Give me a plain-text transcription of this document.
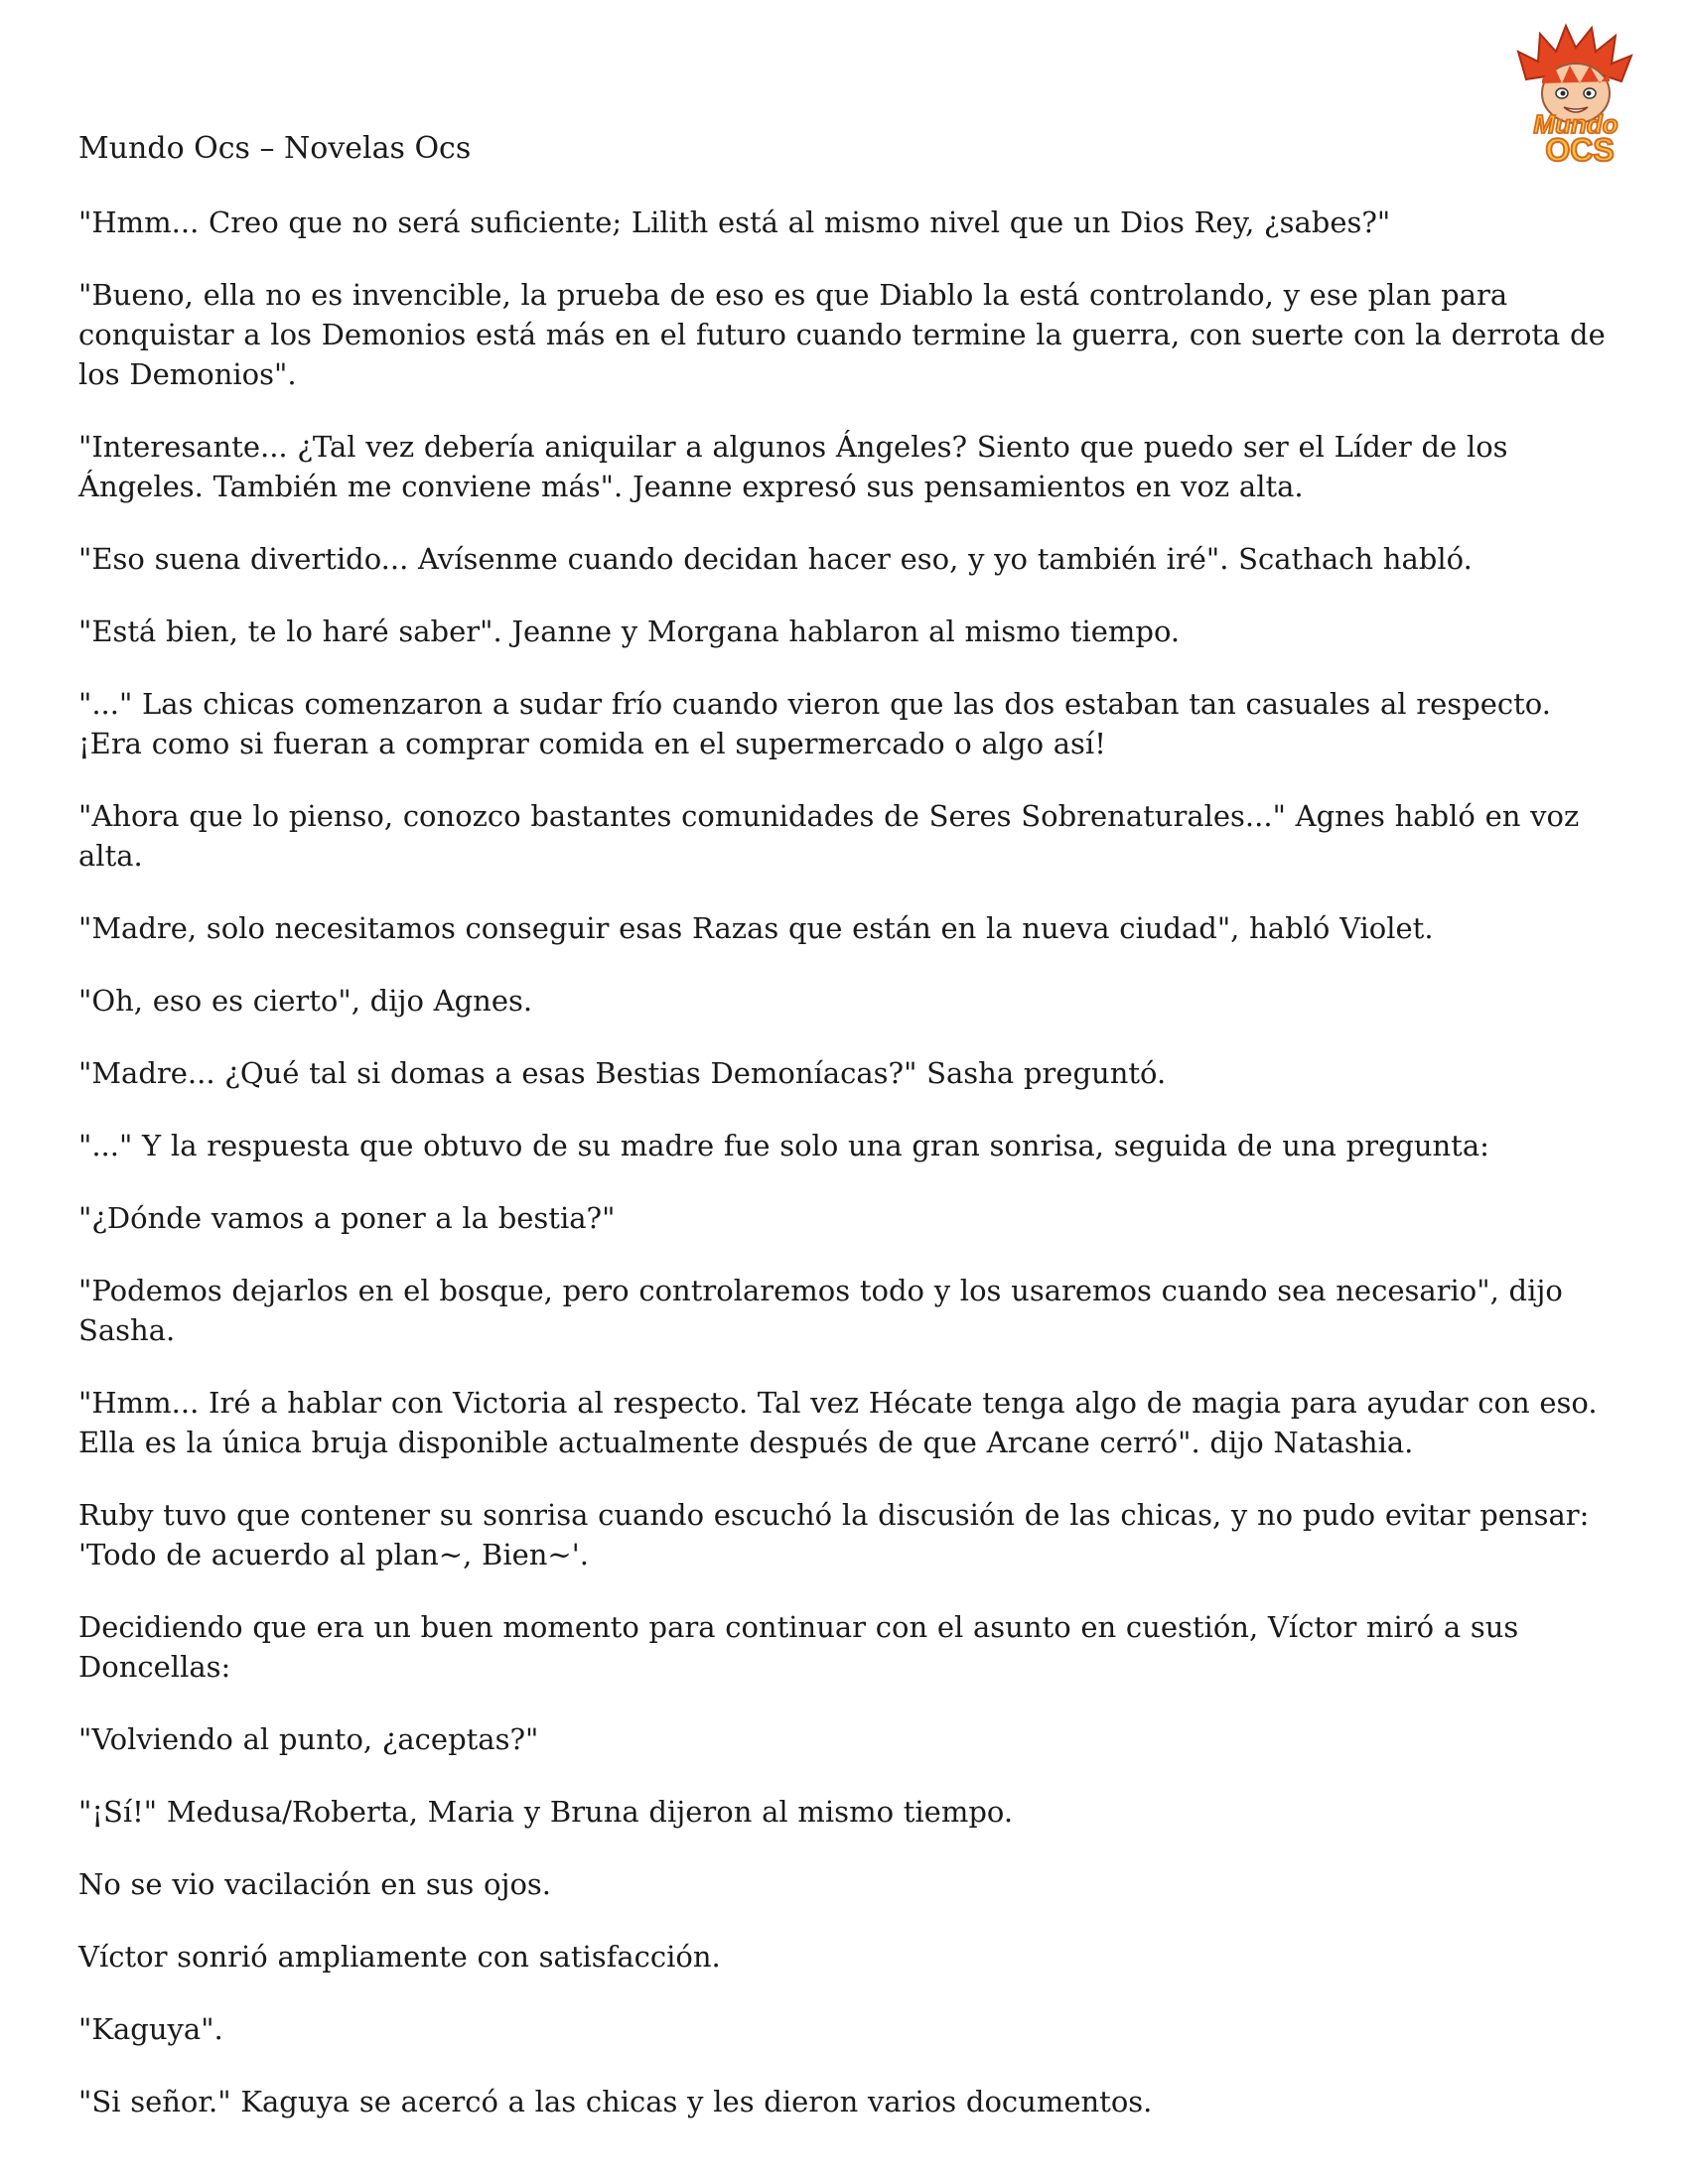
Mundo Ocs – Novelas Ocs
Mundo
OCS

"Hmm... Creo que no será suficiente; Lilith está al mismo nivel que un Dios Rey, ¿sabes?"

"Bueno, ella no es invencible, la prueba de eso es que Diablo la está controlando, y ese plan para conquistar a los Demonios está más en el futuro cuando termine la guerra, con suerte con la derrota de los Demonios".

"Interesante... ¿Tal vez debería aniquilar a algunos Ángeles? Siento que puedo ser el Líder de los Ángeles. También me conviene más". Jeanne expresó sus pensamientos en voz alta.

"Eso suena divertido... Avísenme cuando decidan hacer eso, y yo también iré". Scathach habló.

"Está bien, te lo haré saber". Jeanne y Morgana hablaron al mismo tiempo.

"..." Las chicas comenzaron a sudar frío cuando vieron que las dos estaban tan casuales al respecto. ¡Era como si fueran a comprar comida en el supermercado o algo así!

"Ahora que lo pienso, conozco bastantes comunidades de Seres Sobrenaturales..." Agnes habló en voz alta.

"Madre, solo necesitamos conseguir esas Razas que están en la nueva ciudad", habló Violet.

"Oh, eso es cierto", dijo Agnes.

"Madre... ¿Qué tal si domas a esas Bestias Demoníacas?" Sasha preguntó.

"..." Y la respuesta que obtuvo de su madre fue solo una gran sonrisa, seguida de una pregunta:

"¿Dónde vamos a poner a la bestia?"

"Podemos dejarlos en el bosque, pero controlaremos todo y los usaremos cuando sea necesario", dijo Sasha.

"Hmm... Iré a hablar con Victoria al respecto. Tal vez Hécate tenga algo de magia para ayudar con eso. Ella es la única bruja disponible actualmente después de que Arcane cerró". dijo Natashia.

Ruby tuvo que contener su sonrisa cuando escuchó la discusión de las chicas, y no pudo evitar pensar: 'Todo de acuerdo al plan~, Bien~'.

Decidiendo que era un buen momento para continuar con el asunto en cuestión, Víctor miró a sus Doncellas:

"Volviendo al punto, ¿aceptas?"

"¡Sí!" Medusa/Roberta, Maria y Bruna dijeron al mismo tiempo.

No se vio vacilación en sus ojos.

Víctor sonrió ampliamente con satisfacción.

"Kaguya".

"Si señor." Kaguya se acercó a las chicas y les dieron varios documentos.
